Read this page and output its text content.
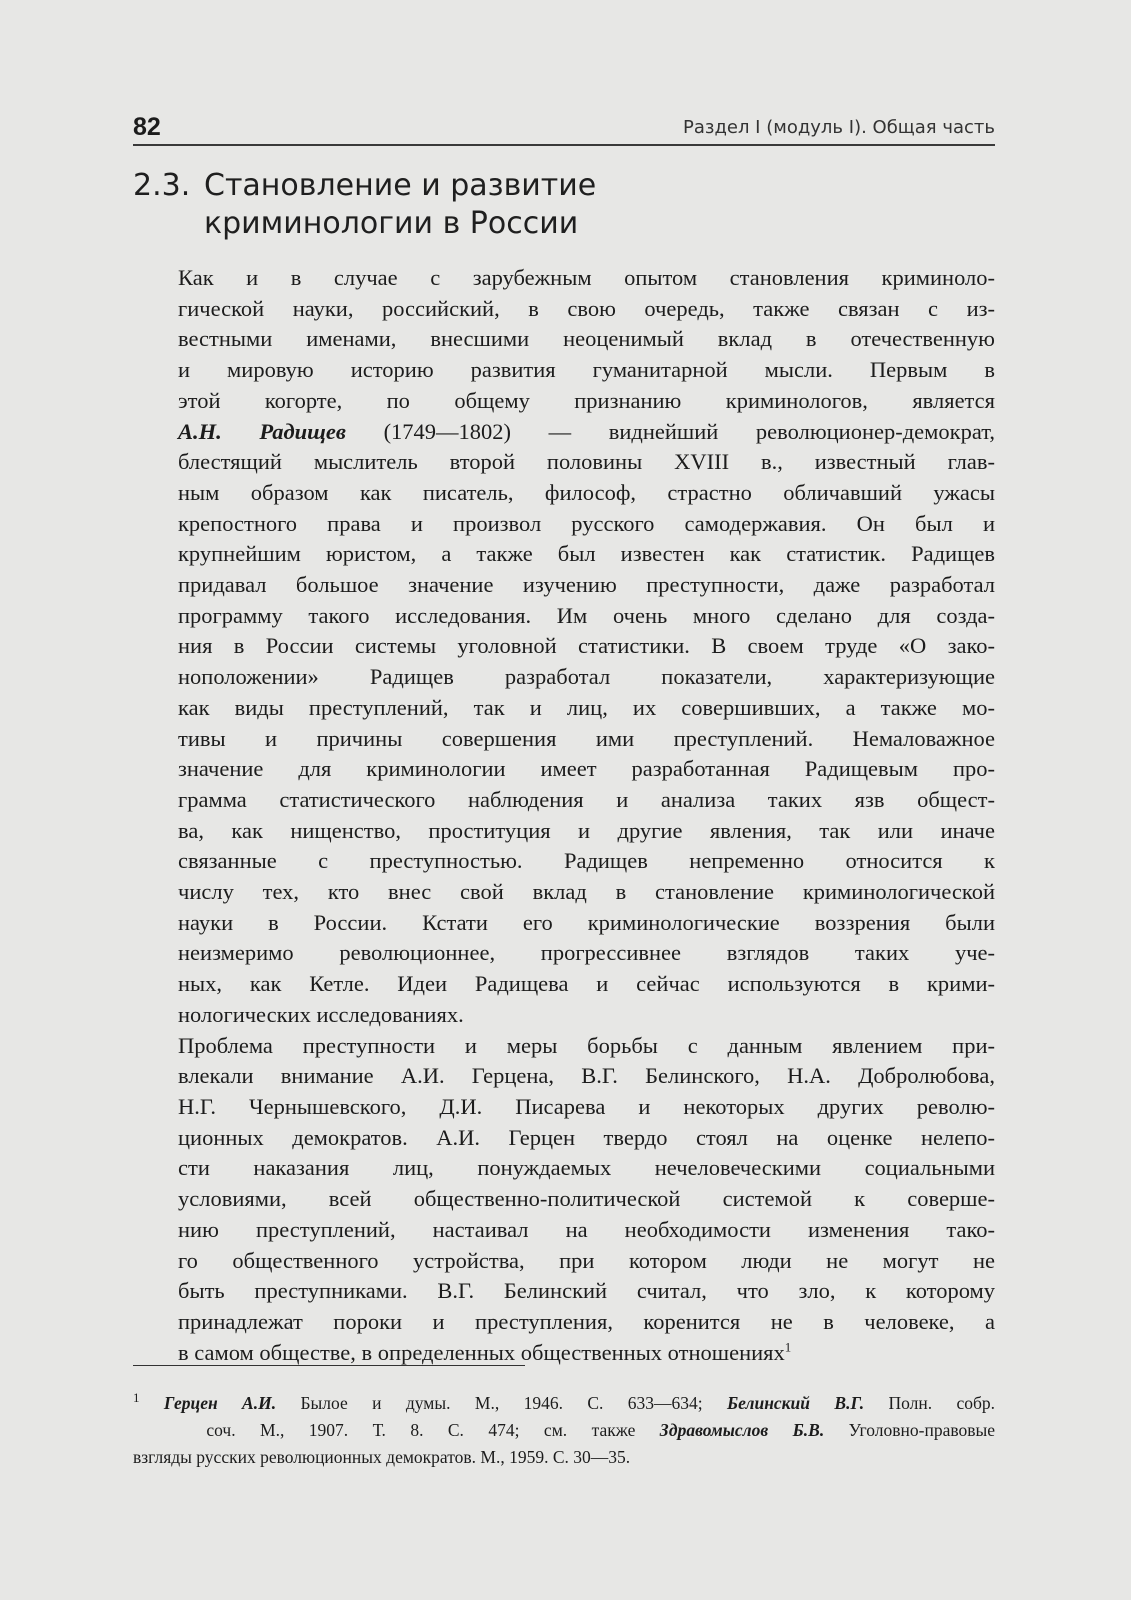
82	Раздел I (модуль I). Общая часть
2.3. Становление и развитие
криминологии в России

Как и в случае с зарубежным опытом становления криминоло-
гической науки, российский, в свою очередь, также связан с из-
вестными именами, внесшими неоценимый вклад в отечественную
и мировую историю развития гуманитарной мысли. Первым в
этой когорте, по общему признанию криминологов, является
А.Н. Радищев (1749—1802) — виднейший революционер-демократ,
блестящий мыслитель второй половины XVIII в., известный глав-
ным образом как писатель, философ, страстно обличавший ужасы
крепостного права и произвол русского самодержавия. Он был и
крупнейшим юристом, а также был известен как статистик. Радищев
придавал большое значение изучению преступности, даже разработал
программу такого исследования. Им очень много сделано для созда-
ния в России системы уголовной статистики. В своем труде «О зако-
ноположении» Радищев разработал показатели, характеризующие
как виды преступлений, так и лиц, их совершивших, а также мо-
тивы и причины совершения ими преступлений. Немаловажное
значение для криминологии имеет разработанная Радищевым про-
грамма статистического наблюдения и анализа таких язв общест-
ва, как нищенство, проституция и другие явления, так или иначе
связанные с преступностью. Радищев непременно относится к
числу тех, кто внес свой вклад в становление криминологической
науки в России. Кстати его криминологические воззрения были
неизмеримо революционнее, прогрессивнее взглядов таких уче-
ных, как Кетле. Идеи Радищева и сейчас используются в крими-
нологических исследованиях.

Проблема преступности и меры борьбы с данным явлением при-
влекали внимание А.И. Герцена, В.Г. Белинского, Н.А. Добролюбова,
Н.Г. Чернышевского, Д.И. Писарева и некоторых других револю-
ционных демократов. А.И. Герцен твердо стоял на оценке нелепо-
сти наказания лиц, понуждаемых нечеловеческими социальными
условиями, всей общественно-политической системой к соверше-
нию преступлений, настаивал на необходимости изменения тако-
го общественного устройства, при котором люди не могут не
быть преступниками. В.Г. Белинский считал, что зло, к которому
принадлежат пороки и преступления, коренится не в человеке, а
в самом обществе, в определенных общественных отношениях$^1$

$^1$ Герцен А.И. Былое и думы. М., 1946. С. 633—634; Белинский В.Г. Полн. собр.
соч. М., 1907. Т. 8. С. 474; см. также Здравомыслов Б.В. Уголовно-правовые
взгляды русских революционных демократов. М., 1959. С. 30—35.
